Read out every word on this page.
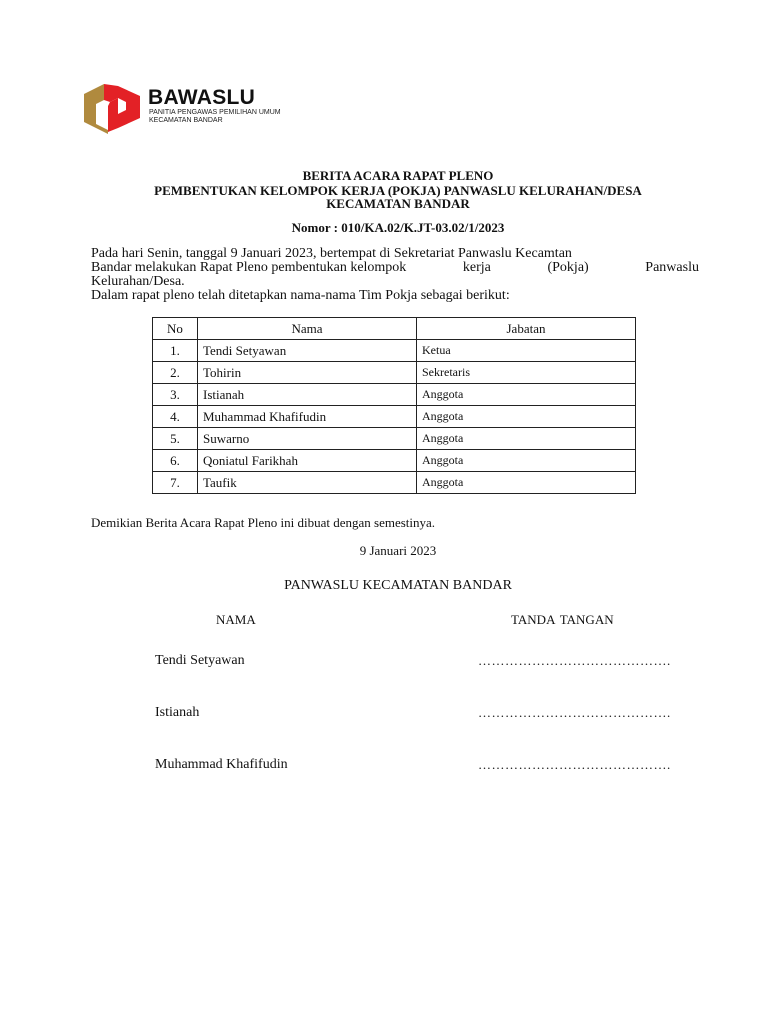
BAWASLU
PANITIA PENGAWAS PEMILIHAN UMUM
KECAMATAN BANDAR
BERITA ACARA RAPAT PLENO
PEMBENTUKAN KELOMPOK KERJA (POKJA) PANWASLU KELURAHAN/DESA
KECAMATAN BANDAR
Nomor : 010/KA.02/K.JT-03.02/1/2023
Pada hari Senin, tanggal 9 Januari 2023, bertempat di Sekretariat Panwaslu Kecamtan
Bandar melakukan Rapat Pleno pembentukan kelompok	kerja	(Pokja)	Panwaslu
Kelurahan/Desa.
Dalam rapat pleno telah ditetapkan nama-nama Tim Pokja sebagai berikut:
No	Nama	Jabatan
1.	Tendi Setyawan	Ketua
2.	Tohirin	Sekretaris
3.	Istianah	Anggota
4.	Muhammad Khafifudin	Anggota
5.	Suwarno	Anggota
6.	Qoniatul Farikhah	Anggota
7.	Taufik	Anggota
Demikian Berita Acara Rapat Pleno ini dibuat dengan semestinya.
9 Januari 2023
PANWASLU KECAMATAN BANDAR
NAMA	TANDA TANGAN
Tendi Setyawan	…………………………………….
Istianah	…………………………………….
Muhammad Khafifudin	…………………………………….
